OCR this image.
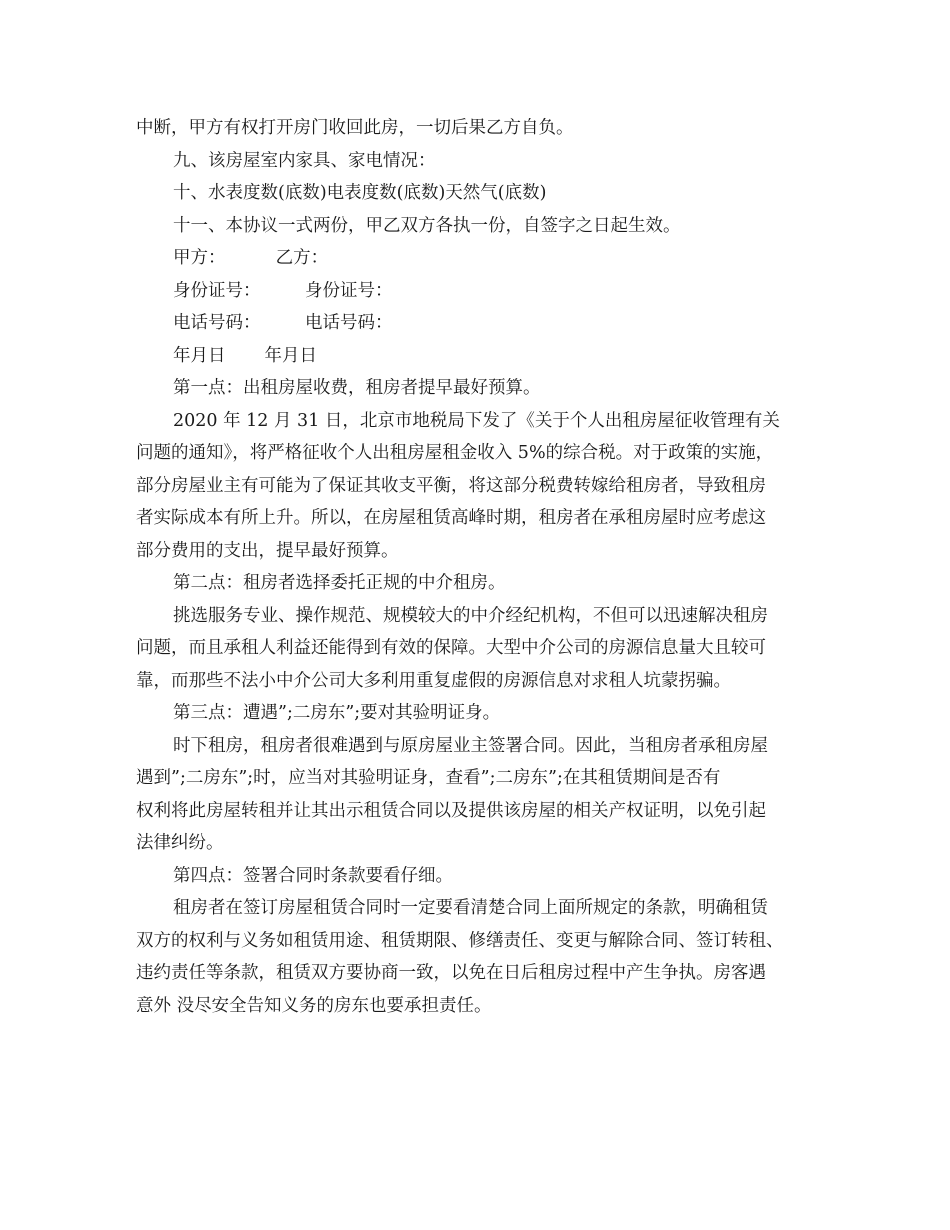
中断，甲方有权打开房门收回此房，一切后果乙方自负。
九、该房屋室内家具、家电情况：
十、水表度数(底数)电表度数(底数)天然气(底数)
十一、本协议一式两份，甲乙双方各执一份，自签字之日起生效。
甲方：         乙方：
身份证号：        身份证号：
电话号码：        电话号码：
年月日       年月日
第一点：出租房屋收费，租房者提早最好预算。
2020 年 12 月 31 日，北京市地税局下发了《关于个人出租房屋征收管理有关
问题的通知》，将严格征收个人出租房屋租金收入 5%的综合税。对于政策的实施，
部分房屋业主有可能为了保证其收支平衡，将这部分税费转嫁给租房者，导致租房
者实际成本有所上升。所以，在房屋租赁高峰时期，租房者在承租房屋时应考虑这
部分费用的支出，提早最好预算。
第二点：租房者选择委托正规的中介租房。
挑选服务专业、操作规范、规模较大的中介经纪机构，不但可以迅速解决租房
问题，而且承租人利益还能得到有效的保障。大型中介公司的房源信息量大且较可
靠，而那些不法小中介公司大多利用重复虚假的房源信息对求租人坑蒙拐骗。
第三点：遭遇”;二房东”;要对其验明证身。
时下租房，租房者很难遇到与原房屋业主签署合同。因此，当租房者承租房屋
遇到”;二房东”;时，应当对其验明证身，查看”;二房东”;在其租赁期间是否有
权利将此房屋转租并让其出示租赁合同以及提供该房屋的相关产权证明，以免引起
法律纠纷。
第四点：签署合同时条款要看仔细。
租房者在签订房屋租赁合同时一定要看清楚合同上面所规定的条款，明确租赁
双方的权利与义务如租赁用途、租赁期限、修缮责任、变更与解除合同、签订转租、
违约责任等条款，租赁双方要协商一致，以免在日后租房过程中产生争执。房客遇
意外 没尽安全告知义务的房东也要承担责任。
